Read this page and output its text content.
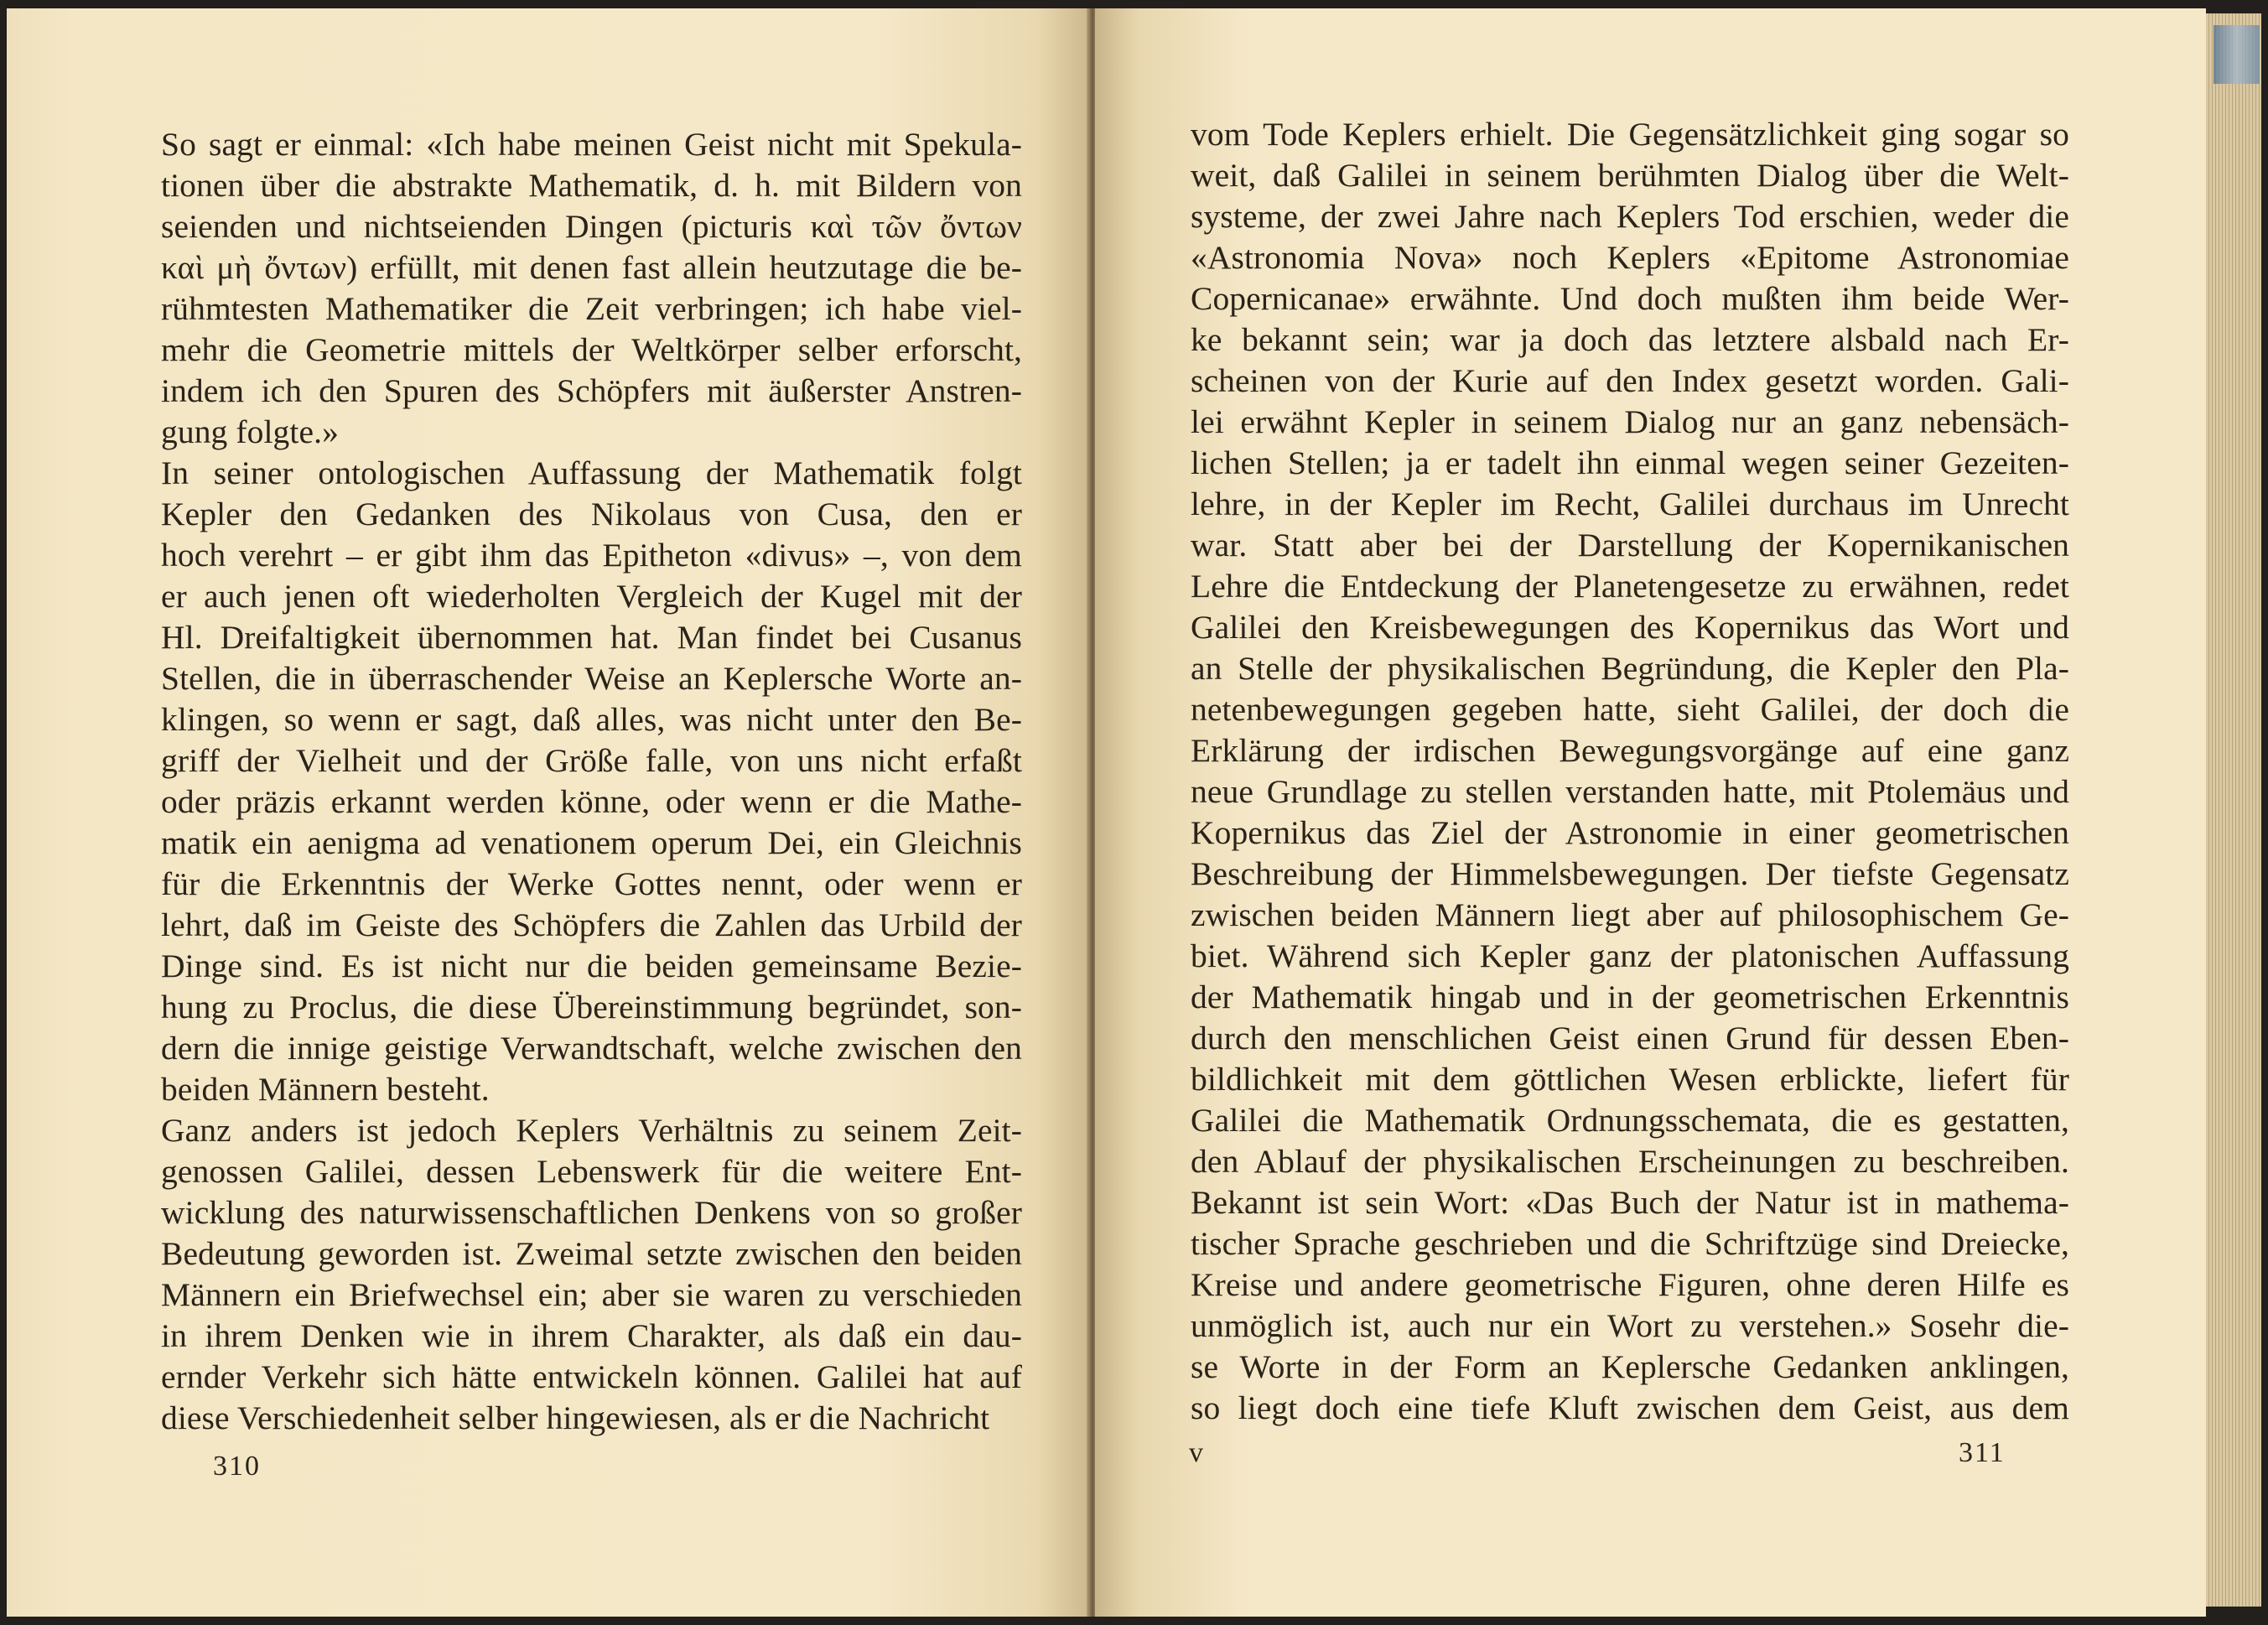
So sagt er einmal: «Ich habe meinen Geist nicht mit Spekula-
tionen über die abstrakte Mathematik, d. h. mit Bildern von
seienden und nichtseienden Dingen (picturis καὶ τῶν ὄντων
καὶ μὴ ὄντων) erfüllt, mit denen fast allein heutzutage die be-
rühmtesten Mathematiker die Zeit verbringen; ich habe viel-
mehr die Geometrie mittels der Weltkörper selber erforscht,
indem ich den Spuren des Schöpfers mit äußerster Anstren-
gung folgte.»
In seiner ontologischen Auffassung der Mathematik folgt
Kepler den Gedanken des Nikolaus von Cusa, den er
hoch verehrt – er gibt ihm das Epitheton «divus» –, von dem
er auch jenen oft wiederholten Vergleich der Kugel mit der
Hl. Dreifaltigkeit übernommen hat. Man findet bei Cusanus
Stellen, die in überraschender Weise an Keplersche Worte an-
klingen, so wenn er sagt, daß alles, was nicht unter den Be-
griff der Vielheit und der Größe falle, von uns nicht erfaßt
oder präzis erkannt werden könne, oder wenn er die Mathe-
matik ein aenigma ad venationem operum Dei, ein Gleichnis
für die Erkenntnis der Werke Gottes nennt, oder wenn er
lehrt, daß im Geiste des Schöpfers die Zahlen das Urbild der
Dinge sind. Es ist nicht nur die beiden gemeinsame Bezie-
hung zu Proclus, die diese Übereinstimmung begründet, son-
dern die innige geistige Verwandtschaft, welche zwischen den
beiden Männern besteht.
Ganz anders ist jedoch Keplers Verhältnis zu seinem Zeit-
genossen Galilei, dessen Lebenswerk für die weitere Ent-
wicklung des naturwissenschaftlichen Denkens von so großer
Bedeutung geworden ist. Zweimal setzte zwischen den beiden
Männern ein Briefwechsel ein; aber sie waren zu verschieden
in ihrem Denken wie in ihrem Charakter, als daß ein dau-
ernder Verkehr sich hätte entwickeln können. Galilei hat auf
diese Verschiedenheit selber hingewiesen, als er die Nachricht
310
vom Tode Keplers erhielt. Die Gegensätzlichkeit ging sogar so
weit, daß Galilei in seinem berühmten Dialog über die Welt-
systeme, der zwei Jahre nach Keplers Tod erschien, weder die
«Astronomia Nova» noch Keplers «Epitome Astronomiae
Copernicanae» erwähnte. Und doch mußten ihm beide Wer-
ke bekannt sein; war ja doch das letztere alsbald nach Er-
scheinen von der Kurie auf den Index gesetzt worden. Gali-
lei erwähnt Kepler in seinem Dialog nur an ganz nebensäch-
lichen Stellen; ja er tadelt ihn einmal wegen seiner Gezeiten-
lehre, in der Kepler im Recht, Galilei durchaus im Unrecht
war. Statt aber bei der Darstellung der Kopernikanischen
Lehre die Entdeckung der Planetengesetze zu erwähnen, redet
Galilei den Kreisbewegungen des Kopernikus das Wort und
an Stelle der physikalischen Begründung, die Kepler den Pla-
netenbewegungen gegeben hatte, sieht Galilei, der doch die
Erklärung der irdischen Bewegungsvorgänge auf eine ganz
neue Grundlage zu stellen verstanden hatte, mit Ptolemäus und
Kopernikus das Ziel der Astronomie in einer geometrischen
Beschreibung der Himmelsbewegungen. Der tiefste Gegensatz
zwischen beiden Männern liegt aber auf philosophischem Ge-
biet. Während sich Kepler ganz der platonischen Auffassung
der Mathematik hingab und in der geometrischen Erkenntnis
durch den menschlichen Geist einen Grund für dessen Eben-
bildlichkeit mit dem göttlichen Wesen erblickte, liefert für
Galilei die Mathematik Ordnungsschemata, die es gestatten,
den Ablauf der physikalischen Erscheinungen zu beschreiben.
Bekannt ist sein Wort: «Das Buch der Natur ist in mathema-
tischer Sprache geschrieben und die Schriftzüge sind Dreiecke,
Kreise und andere geometrische Figuren, ohne deren Hilfe es
unmöglich ist, auch nur ein Wort zu verstehen.» Sosehr die-
se Worte in der Form an Keplersche Gedanken anklingen,
so liegt doch eine tiefe Kluft zwischen dem Geist, aus dem
v	311
